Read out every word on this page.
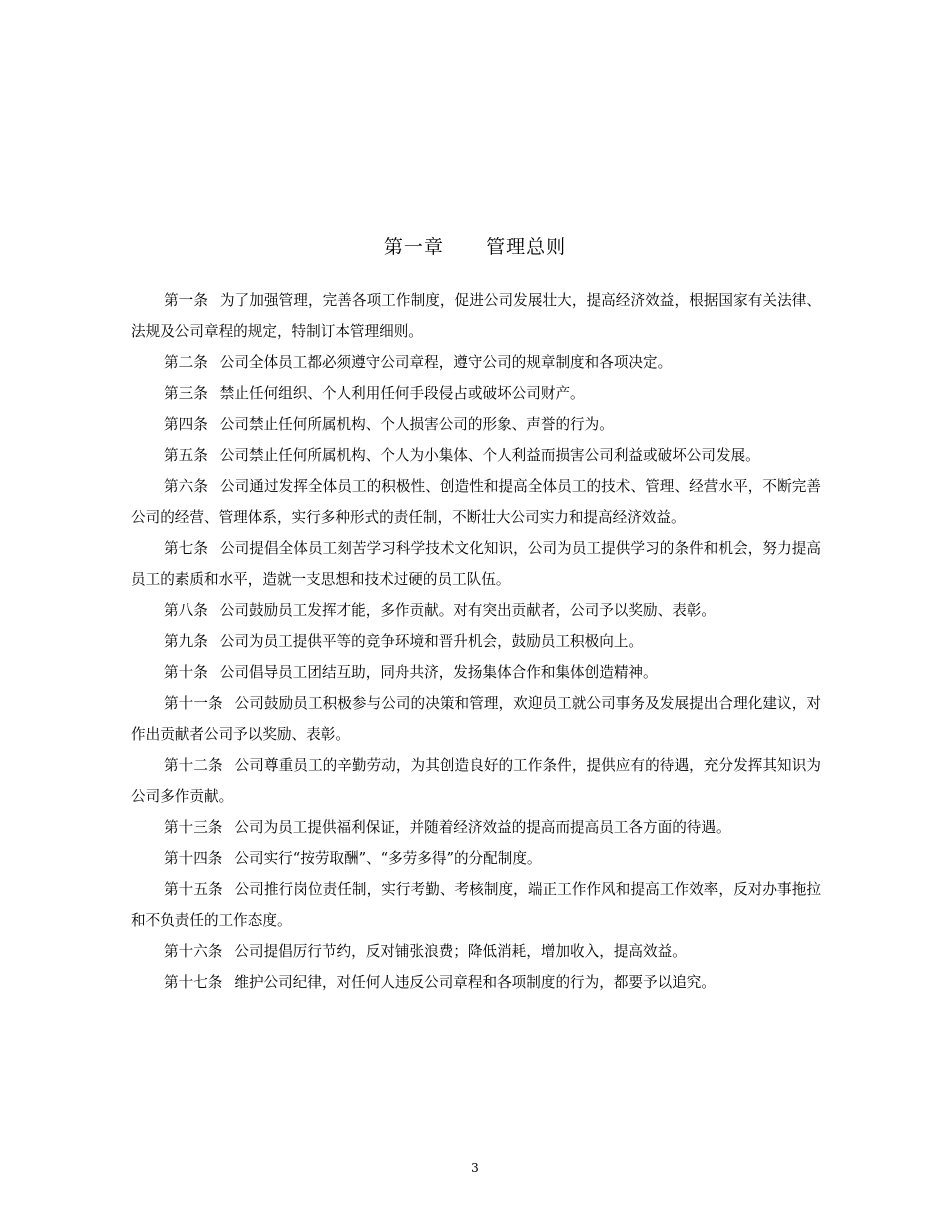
第一章      管理总则

第一条 为了加强管理，完善各项工作制度，促进公司发展壮大，提高经济效益，根据国家有关法律、法规及公司章程的规定，特制订本管理细则。

第二条 公司全体员工都必须遵守公司章程，遵守公司的规章制度和各项决定。

第三条 禁止任何组织、个人利用任何手段侵占或破坏公司财产。

第四条 公司禁止任何所属机构、个人损害公司的形象、声誉的行为。

第五条 公司禁止任何所属机构、个人为小集体、个人利益而损害公司利益或破坏公司发展。

第六条 公司通过发挥全体员工的积极性、创造性和提高全体员工的技术、管理、经营水平，不断完善公司的经营、管理体系，实行多种形式的责任制，不断壮大公司实力和提高经济效益。

第七条 公司提倡全体员工刻苦学习科学技术文化知识，公司为员工提供学习的条件和机会，努力提高员工的素质和水平，造就一支思想和技术过硬的员工队伍。

第八条 公司鼓励员工发挥才能，多作贡献。对有突出贡献者，公司予以奖励、表彰。

第九条 公司为员工提供平等的竞争环境和晋升机会，鼓励员工积极向上。

第十条 公司倡导员工团结互助，同舟共济，发扬集体合作和集体创造精神。

第十一条 公司鼓励员工积极参与公司的决策和管理，欢迎员工就公司事务及发展提出合理化建议，对作出贡献者公司予以奖励、表彰。

第十二条 公司尊重员工的辛勤劳动，为其创造良好的工作条件，提供应有的待遇，充分发挥其知识为公司多作贡献。

第十三条 公司为员工提供福利保证，并随着经济效益的提高而提高员工各方面的待遇。

第十四条 公司实行“按劳取酬”、“多劳多得”的分配制度。

第十五条 公司推行岗位责任制，实行考勤、考核制度，端正工作作风和提高工作效率，反对办事拖拉和不负责任的工作态度。

第十六条 公司提倡厉行节约，反对铺张浪费；降低消耗，增加收入，提高效益。

第十七条 维护公司纪律，对任何人违反公司章程和各项制度的行为，都要予以追究。

3
